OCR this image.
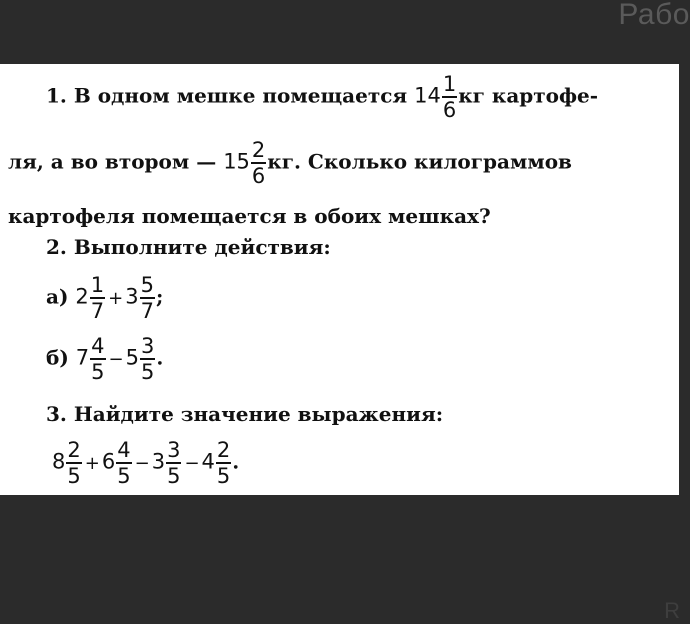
Рабо
1. В одном мешке помещается $14 \frac{1}{6}$ кг картофе-
ля, а во втором — $15 \frac{2}{6}$ кг. Сколько килограммов
картофеля помещается в обоих мешках?
2. Выполните действия:
а) $2 \frac{1}{7} +3 \frac{5}{7}$ ;
б) $7 \frac{4}{5} -5 \frac{3}{5}$ .
3. Найдите значение выражения:
$8 \frac{2}{5} +6 \frac{4}{5} -3 \frac{3}{5} -4 \frac{2}{5}$ .
R
